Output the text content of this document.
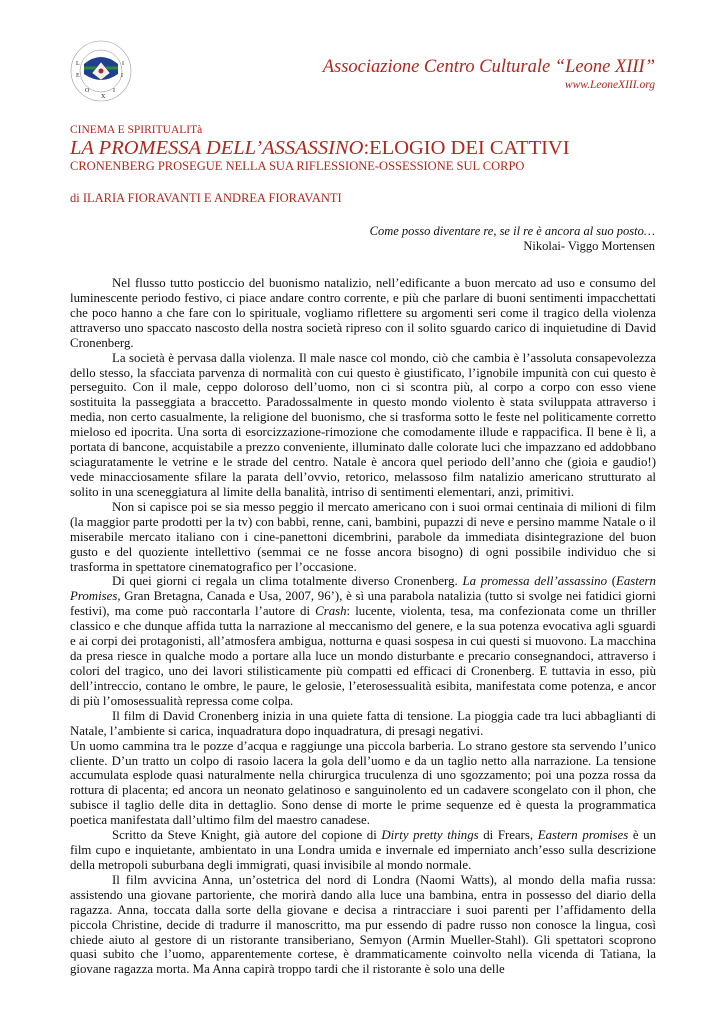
L
E
O
X
I
I
I	Associazione Centro Culturale “Leone XIII”
www.LeoneXIII.org
CINEMA E SPIRITUALITà
LA PROMESSA DELL’ASSASSINO:ELOGIO DEI CATTIVI
CRONENBERG PROSEGUE NELLA SUA RIFLESSIONE-OSSESSIONE SUL CORPO
di ILARIA FIORAVANTI E ANDREA FIORAVANTI
Come posso diventare re, se il re è ancora al suo posto…
Nikolai- Viggo Mortensen

Nel flusso tutto posticcio del buonismo natalizio, nell’edificante a buon mercato ad uso e consumo del luminescente periodo festivo, ci piace andare contro corrente, e più che parlare di buoni sentimenti impacchettati che poco hanno a che fare con lo spirituale, vogliamo riflettere su argomenti seri come il tragico della violenza attraverso uno spaccato nascosto della nostra società ripreso con il solito sguardo carico di inquietudine di David Cronenberg.

La società è pervasa dalla violenza. Il male nasce col mondo, ciò che cambia è l’assoluta consapevolezza dello stesso, la sfacciata parvenza di normalità con cui questo è giustificato, l’ignobile impunità con cui questo è perseguito. Con il male, ceppo doloroso dell’uomo, non ci si scontra più, al corpo a corpo con esso viene sostituita la passeggiata a braccetto. Paradossalmente in questo mondo violento è stata sviluppata attraverso i media, non certo casualmente, la religione del buonismo, che si trasforma sotto le feste nel politicamente corretto mieloso ed ipocrita. Una sorta di esorcizzazione-rimozione che comodamente illude e rappacifica. Il bene è lì, a portata di bancone, acquistabile a prezzo conveniente, illuminato dalle colorate luci che impazzano ed addobbano sciaguratamente le vetrine e le strade del centro. Natale è ancora quel periodo dell’anno che (gioia e gaudio!) vede minacciosamente sfilare la parata dell’ovvio, retorico, melassoso film natalizio americano strutturato al solito in una sceneggiatura al limite della banalità, intriso di sentimenti elementari, anzi, primitivi.

Non si capisce poi se sia messo peggio il mercato americano con i suoi ormai centinaia di milioni di film (la maggior parte prodotti per la tv) con babbi, renne, cani, bambini, pupazzi di neve e persino mamme Natale o il miserabile mercato italiano con i cine-panettoni dicembrini, parabole da immediata disintegrazione del buon gusto e del quoziente intellettivo (semmai ce ne fosse ancora bisogno) di ogni possibile individuo che si trasforma in spettatore cinematografico per l’occasione.

Di quei giorni ci regala un clima totalmente diverso Cronenberg. La promessa dell’assassino (Eastern Promises, Gran Bretagna, Canada e Usa, 2007, 96’), è sì una parabola natalizia (tutto si svolge nei fatidici giorni festivi), ma come può raccontarla l’autore di Crash: lucente, violenta, tesa, ma confezionata come un thriller classico e che dunque affida tutta la narrazione al meccanismo del genere, e la sua potenza evocativa agli sguardi e ai corpi dei protagonisti, all’atmosfera ambigua, notturna e quasi sospesa in cui questi si muovono. La macchina da presa riesce in qualche modo a portare alla luce un mondo disturbante e precario consegnandoci, attraverso i colori del tragico, uno dei lavori stilisticamente più compatti ed efficaci di Cronenberg. E tuttavia in esso, più dell’intreccio, contano le ombre, le paure, le gelosie, l’eterosessualità esibita, manifestata come potenza, e ancor di più l’omosessualità repressa come colpa.

Il film di David Cronenberg inizia in una quiete fatta di tensione. La pioggia cade tra luci abbaglianti di Natale, l’ambiente si carica, inquadratura dopo inquadratura, di presagi negativi.

Un uomo cammina tra le pozze d’acqua e raggiunge una piccola barberia. Lo strano gestore sta servendo l’unico cliente. D’un tratto un colpo di rasoio lacera la gola dell’uomo e da un taglio netto alla narrazione. La tensione accumulata esplode quasi naturalmente nella chirurgica truculenza di uno sgozzamento; poi una pozza rossa da rottura di placenta; ed ancora un neonato gelatinoso e sanguinolento ed un cadavere scongelato con il phon, che subisce il taglio delle dita in dettaglio. Sono dense di morte le prime sequenze ed è questa la programmatica poetica manifestata dall’ultimo film del maestro canadese.

Scritto da Steve Knight, già autore del copione di Dirty pretty things di Frears, Eastern promises è un film cupo e inquietante, ambientato in una Londra umida e invernale ed imperniato anch’esso sulla descrizione della metropoli suburbana degli immigrati, quasi invisibile al mondo normale.

Il film avvicina Anna, un’ostetrica del nord di Londra (Naomi Watts), al mondo della mafia russa: assistendo una giovane partoriente, che morirà dando alla luce una bambina, entra in possesso del diario della ragazza. Anna, toccata dalla sorte della giovane e decisa a rintracciare i suoi parenti per l’affidamento della piccola Christine, decide di tradurre il manoscritto, ma pur essendo di padre russo non conosce la lingua, così chiede aiuto al gestore di un ristorante transiberiano, Semyon (Armin Mueller-Stahl). Gli spettatori scoprono quasi subito che l’uomo, apparentemente cortese, è drammaticamente coinvolto nella vicenda di Tatiana, la giovane ragazza morta. Ma Anna capirà troppo tardi che il ristorante è solo una delle
